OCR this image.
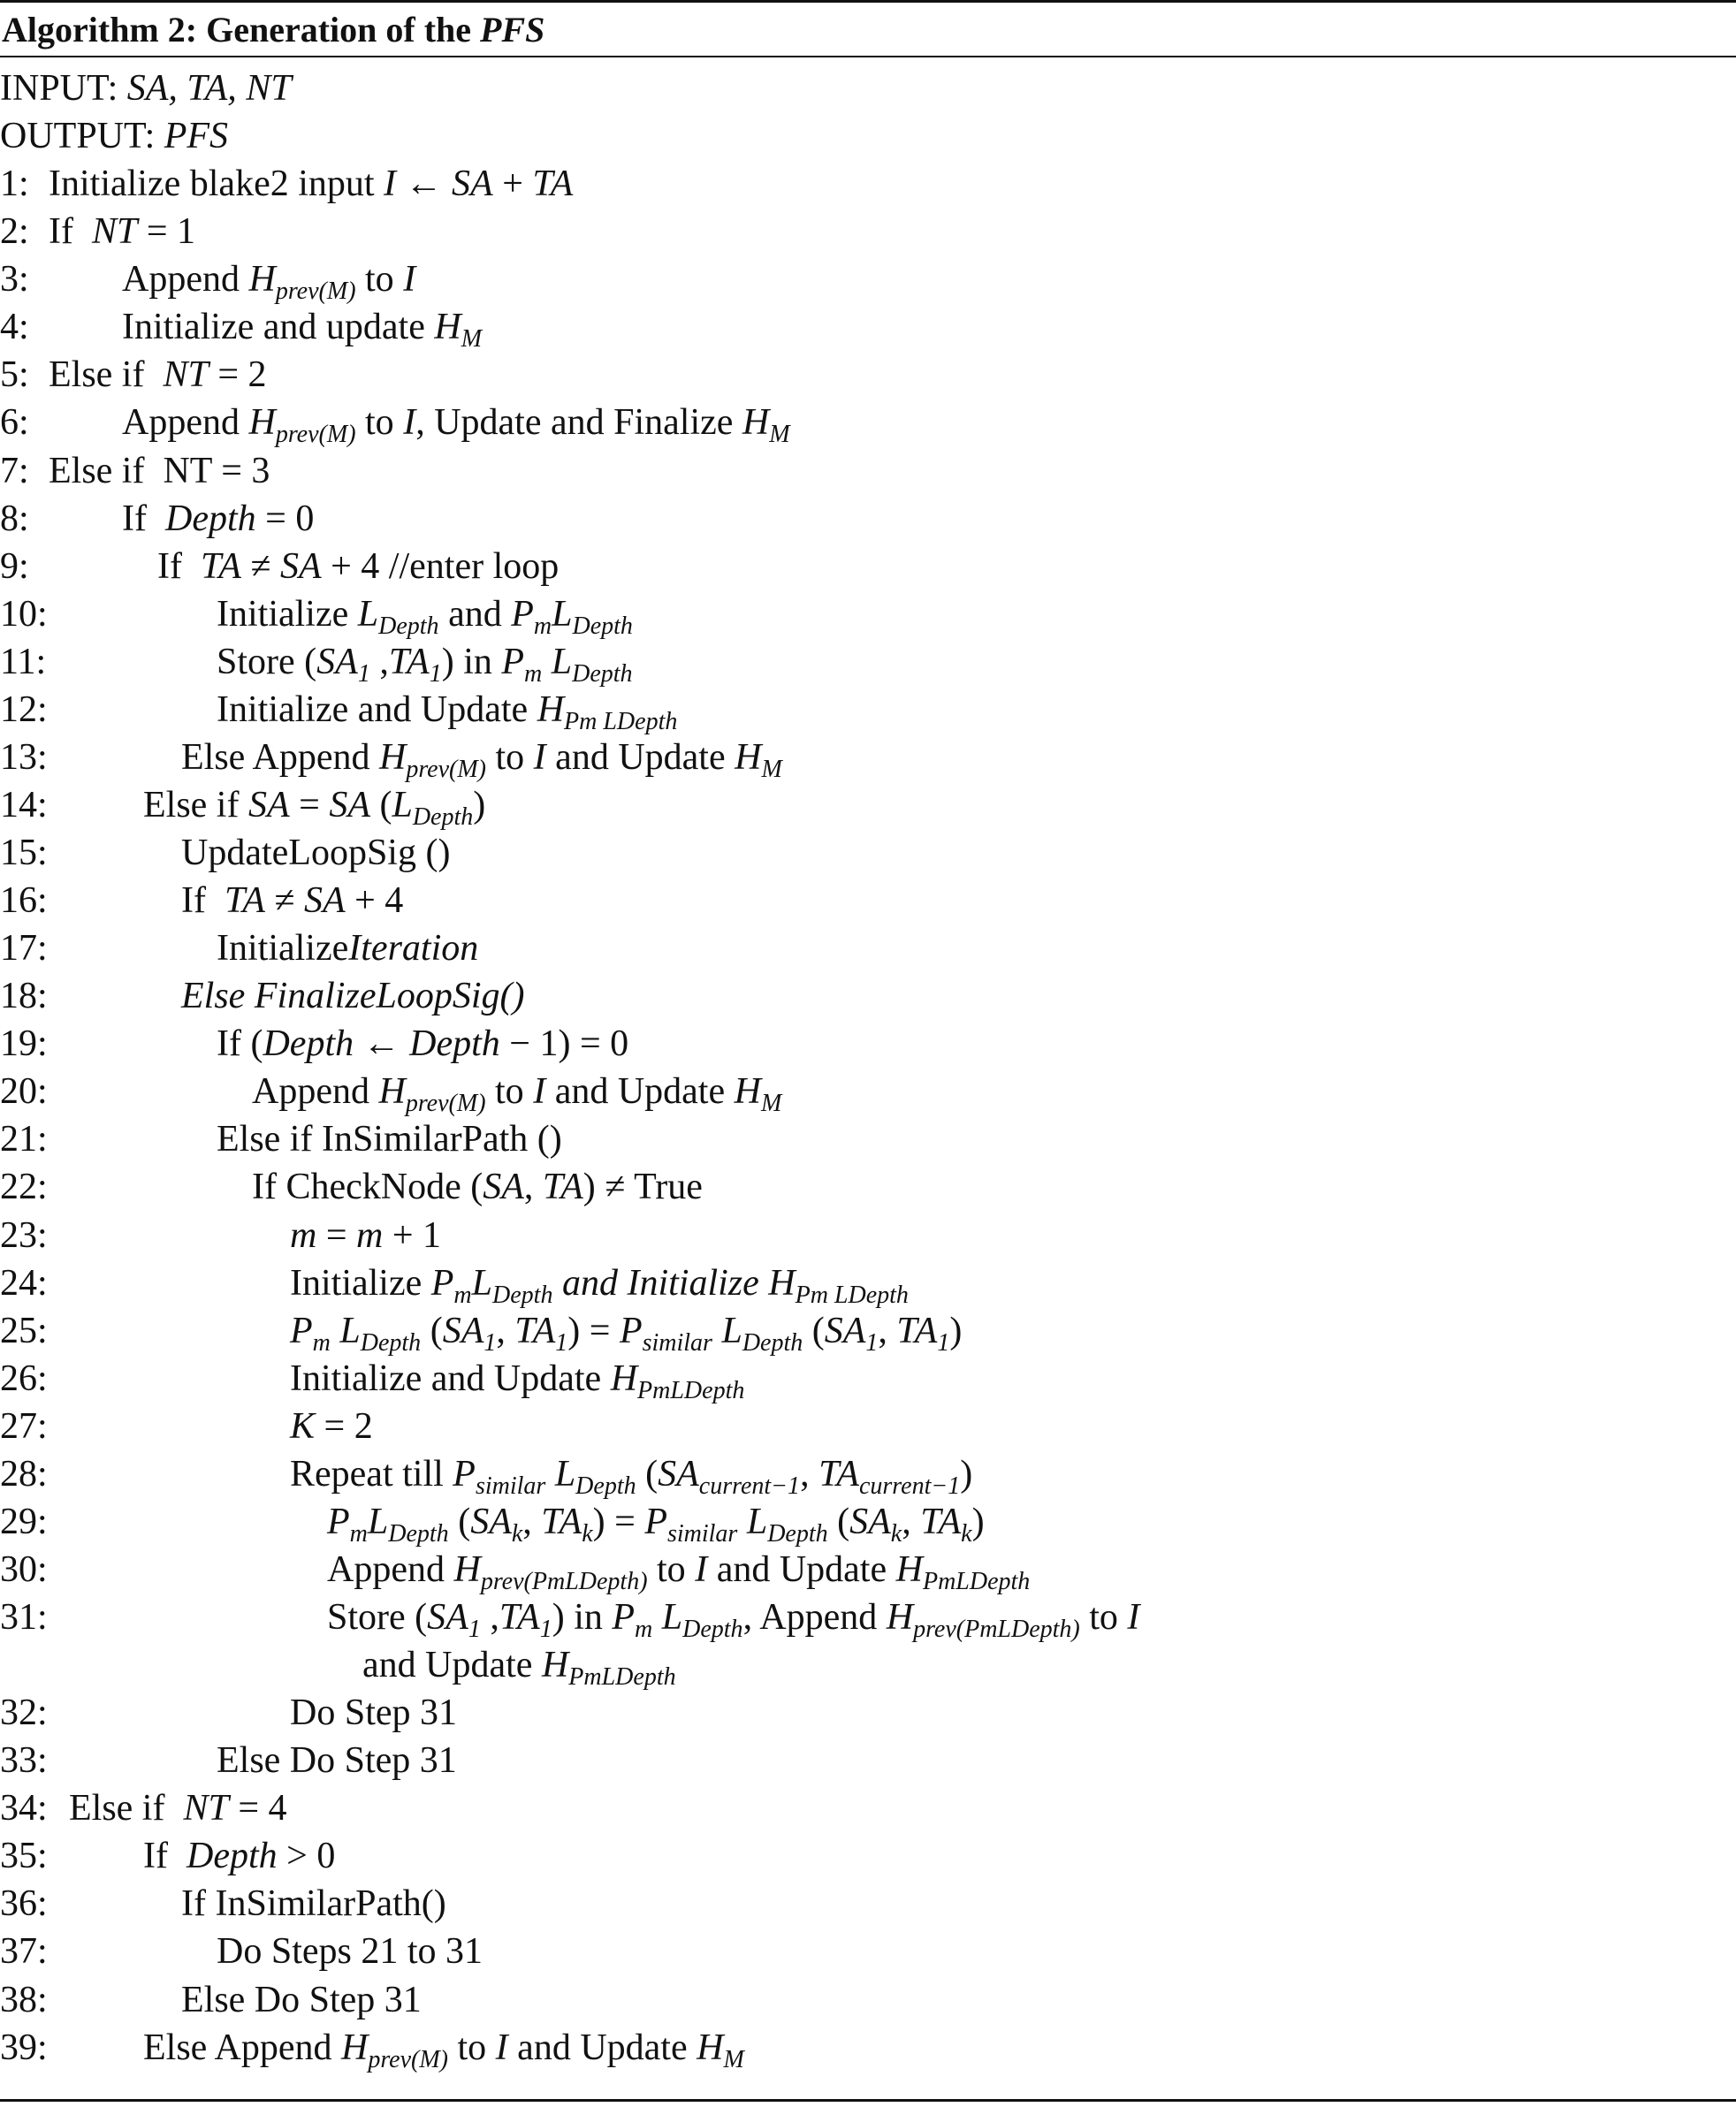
Algorithm 2: Generation of the PFS
INPUT: SA, TA, NT
OUTPUT: PFS
1: Initialize blake2 input I ← SA + TA
2: If  NT = 1
3:	Append $H_{prev(M)}$ to I
4:	Initialize and update $H_M$
5: Else if  NT = 2
6:	Append $H_{prev(M)}$ to I, Update and Finalize $H_M$
7: Else if  NT = 3
8:	If  Depth = 0
9:	If  TA ≠ SA + 4 //enter loop
10:	Initialize $L_{Depth}$ and $P_mL_{Depth}$
11:	Store ($SA_1$ $,TA_1$) in $P_m$ $L_{Depth}$
12:	Initialize and Update $H_{Pm LDepth}$
13:	Else Append $H_{prev(M)}$ to I and Update $H_M$
14:	Else if SA = SA $(L_{Depth})$
15:	UpdateLoopSig ()
16:	If  TA ≠ SA + 4
17:	InitializeIteration
18:	Else FinalizeLoopSig()
19:	If (Depth ← Depth − 1) = 0
20:	Append $H_{prev(M)}$ to I and Update $H_M$
21:	Else if InSimilarPath ()
22:	If CheckNode (SA, TA) ≠ True
23:	m = m + 1
24:	Initialize $P_mL_{Depth}$ and Initialize $H_{Pm LDepth}$
25:	$P_m$ $L_{Depth}$ ($SA_1$, $TA_1) = P_{similar}$ $L_{Depth}$ ($SA_1$, $TA_1$)
26:	Initialize and Update $H_{PmLDepth}$
27:	K = 2
28:	Repeat till $P_{similar}$ $L_{Depth}$ ($SA_{current-1}$, $TA_{current-1}$)
29:	$P_mL_{Depth}$ ($SA_k$, $TA_k) = P_{similar}$ $L_{Depth}$ ($SA_k$, $TA_k$)
30:	Append $H_{prev(PmLDepth)}$ to I and Update $H_{PmLDepth}$
31:	Store ($SA_1$ $,TA_1$) in $P_m$ $L_{Depth}$, Append $H_{prev(PmLDepth)}$ to I
and Update $H_{PmLDepth}$
32:	Do Step 31
33:	Else Do Step 31
34: Else if  NT = 4
35:	If  Depth > 0
36:	If InSimilarPath()
37:	Do Steps 21 to 31
38:	Else Do Step 31
39:	Else Append $H_{prev(M)}$ to I and Update $H_M$
